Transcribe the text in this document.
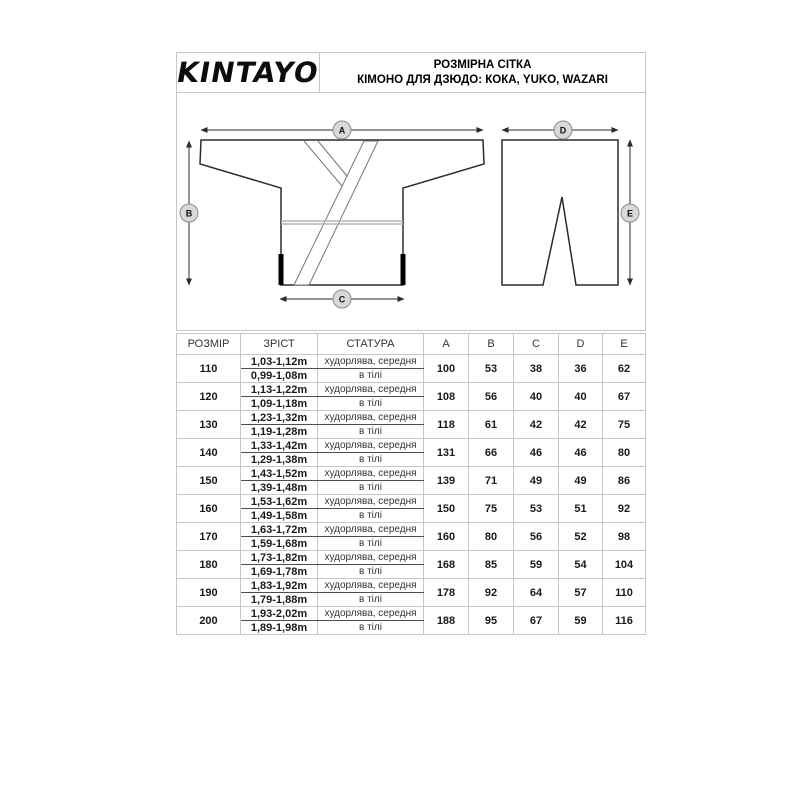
KINTAYO	РОЗМІРНА СІТКА
КІМОНО ДЛЯ ДЗЮДО: КОКА, YUKO, WAZARI
A
B
C
D
E
РОЗМІР	ЗРІСТ	СТАТУРА	A	B	C	D	E
110	1,03-1,12m	худорлява, середня	100	53	38	36	62
	0,99-1,08m	в тілі					
120	1,13-1,22m	худорлява, середня	108	56	40	40	67
	1,09-1,18m	в тілі					
130	1,23-1,32m	худорлява, середня	118	61	42	42	75
	1,19-1,28m	в тілі					
140	1,33-1,42m	худорлява, середня	131	66	46	46	80
	1,29-1,38m	в тілі					
150	1,43-1,52m	худорлява, середня	139	71	49	49	86
	1,39-1,48m	в тілі					
160	1,53-1,62m	худорлява, середня	150	75	53	51	92
	1,49-1,58m	в тілі					
170	1,63-1,72m	худорлява, середня	160	80	56	52	98
	1,59-1,68m	в тілі					
180	1,73-1,82m	худорлява, середня	168	85	59	54	104
	1,69-1,78m	в тілі					
190	1,83-1,92m	худорлява, середня	178	92	64	57	110
	1,79-1,88m	в тілі					
200	1,93-2,02m	худорлява, середня	188	95	67	59	116
	1,89-1,98m	в тілі					
